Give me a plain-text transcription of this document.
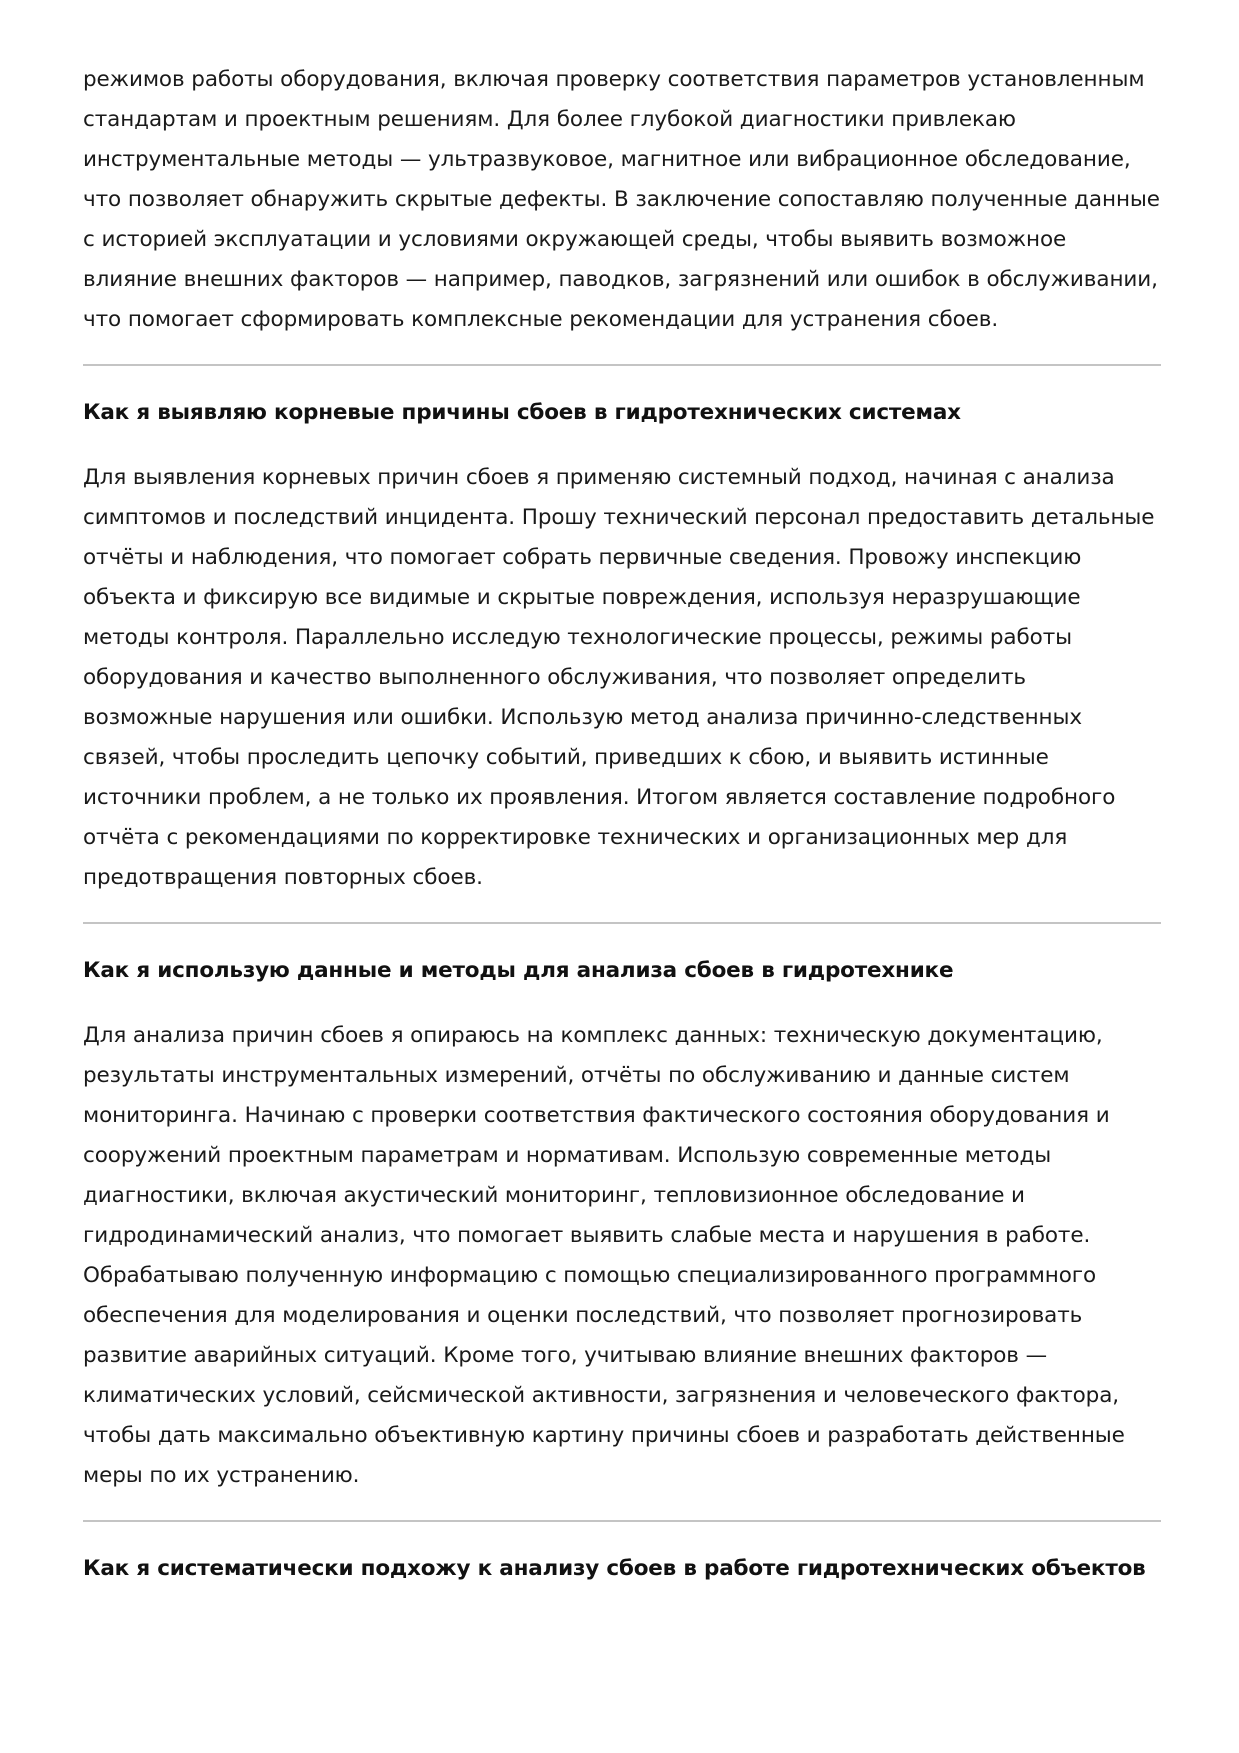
режимов работы оборудования, включая проверку соответствия параметров установленным стандартам и проектным решениям. Для более глубокой диагностики привлекаю инструментальные методы — ультразвуковое, магнитное или вибрационное обследование, что позволяет обнаружить скрытые дефекты. В заключение сопоставляю полученные данные с историей эксплуатации и условиями окружающей среды, чтобы выявить возможное влияние внешних факторов — например, паводков, загрязнений или ошибок в обслуживании, что помогает сформировать комплексные рекомендации для устранения сбоев.

Как я выявляю корневые причины сбоев в гидротехнических системах

Для выявления корневых причин сбоев я применяю системный подход, начиная с анализа симптомов и последствий инцидента. Прошу технический персонал предоставить детальные отчёты и наблюдения, что помогает собрать первичные сведения. Провожу инспекцию объекта и фиксирую все видимые и скрытые повреждения, используя неразрушающие методы контроля. Параллельно исследую технологические процессы, режимы работы оборудования и качество выполненного обслуживания, что позволяет определить возможные нарушения или ошибки. Использую метод анализа причинно-следственных связей, чтобы проследить цепочку событий, приведших к сбою, и выявить истинные источники проблем, а не только их проявления. Итогом является составление подробного отчёта с рекомендациями по корректировке технических и организационных мер для предотвращения повторных сбоев.

Как я использую данные и методы для анализа сбоев в гидротехнике

Для анализа причин сбоев я опираюсь на комплекс данных: техническую документацию, результаты инструментальных измерений, отчёты по обслуживанию и данные систем мониторинга. Начинаю с проверки соответствия фактического состояния оборудования и сооружений проектным параметрам и нормативам. Использую современные методы диагностики, включая акустический мониторинг, тепловизионное обследование и гидродинамический анализ, что помогает выявить слабые места и нарушения в работе. Обрабатываю полученную информацию с помощью специализированного программного обеспечения для моделирования и оценки последствий, что позволяет прогнозировать развитие аварийных ситуаций. Кроме того, учитываю влияние внешних факторов — климатических условий, сейсмической активности, загрязнения и человеческого фактора, чтобы дать максимально объективную картину причины сбоев и разработать действенные меры по их устранению.

Как я систематически подхожу к анализу сбоев в работе гидротехнических объектов
